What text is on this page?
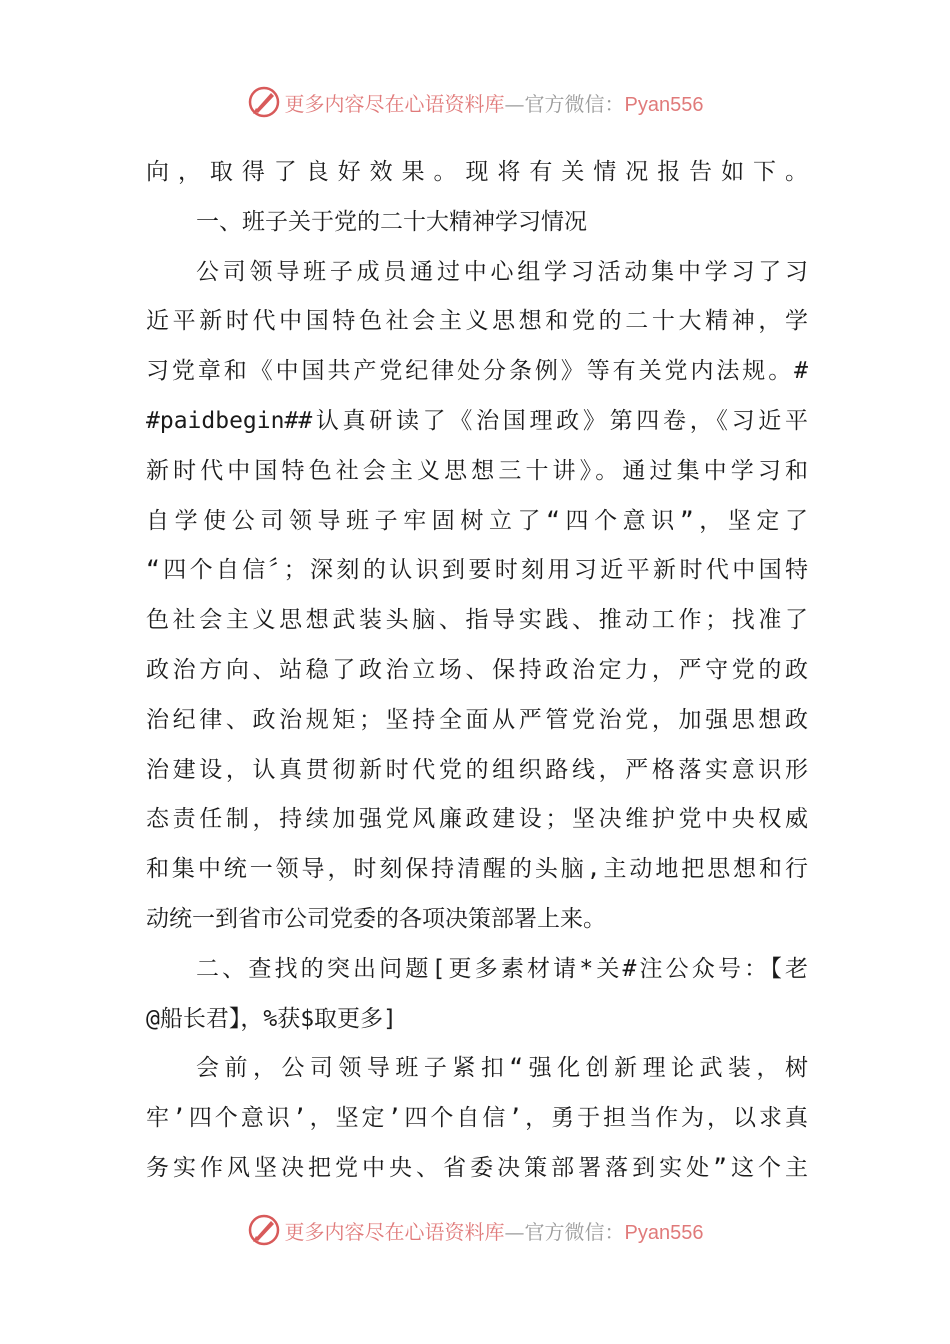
更多内容尽在心语资料库—官方微信：Pyan556
向，取得了良好效果。现将有关情况报告如下。
一、班子关于党的二十大精神学习情况
公司领导班子成员通过中心组学习活动集中学习了习
近平新时代中国特色社会主义思想和党的二十大精神，学
习党章和《中国共产党纪律处分条例》等有关党内法规。#
#paidbegin##认真研读了《治国理政》第四卷，《习近平
新时代中国特色社会主义思想三十讲》。通过集中学习和
自学使公司领导班子牢固树立了“四个意识”，坚定了
“四个自信〞；深刻的认识到要时刻用习近平新时代中国特
色社会主义思想武装头脑、指导实践、推动工作；找准了
政治方向、站稳了政治立场、保持政治定力，严守党的政
治纪律、政治规矩；坚持全面从严管党治党，加强思想政
治建设，认真贯彻新时代党的组织路线，严格落实意识形
态责任制，持续加强党风廉政建设；坚决维护党中央权威
和集中统一领导，时刻保持清醒的头脑,主动地把思想和行
动统一到省市公司党委的各项决策部署上来。
二、查找的突出问题[更多素材请*关#注公众号：【老
@船长君】，%获$取更多]
会前，公司领导班子紧扣“强化创新理论武装，树
牢’四个意识’，坚定’四个自信’，勇于担当作为，以求真
务实作风坚决把党中央、省委决策部署落到实处”这个主
更多内容尽在心语资料库—官方微信：Pyan556
